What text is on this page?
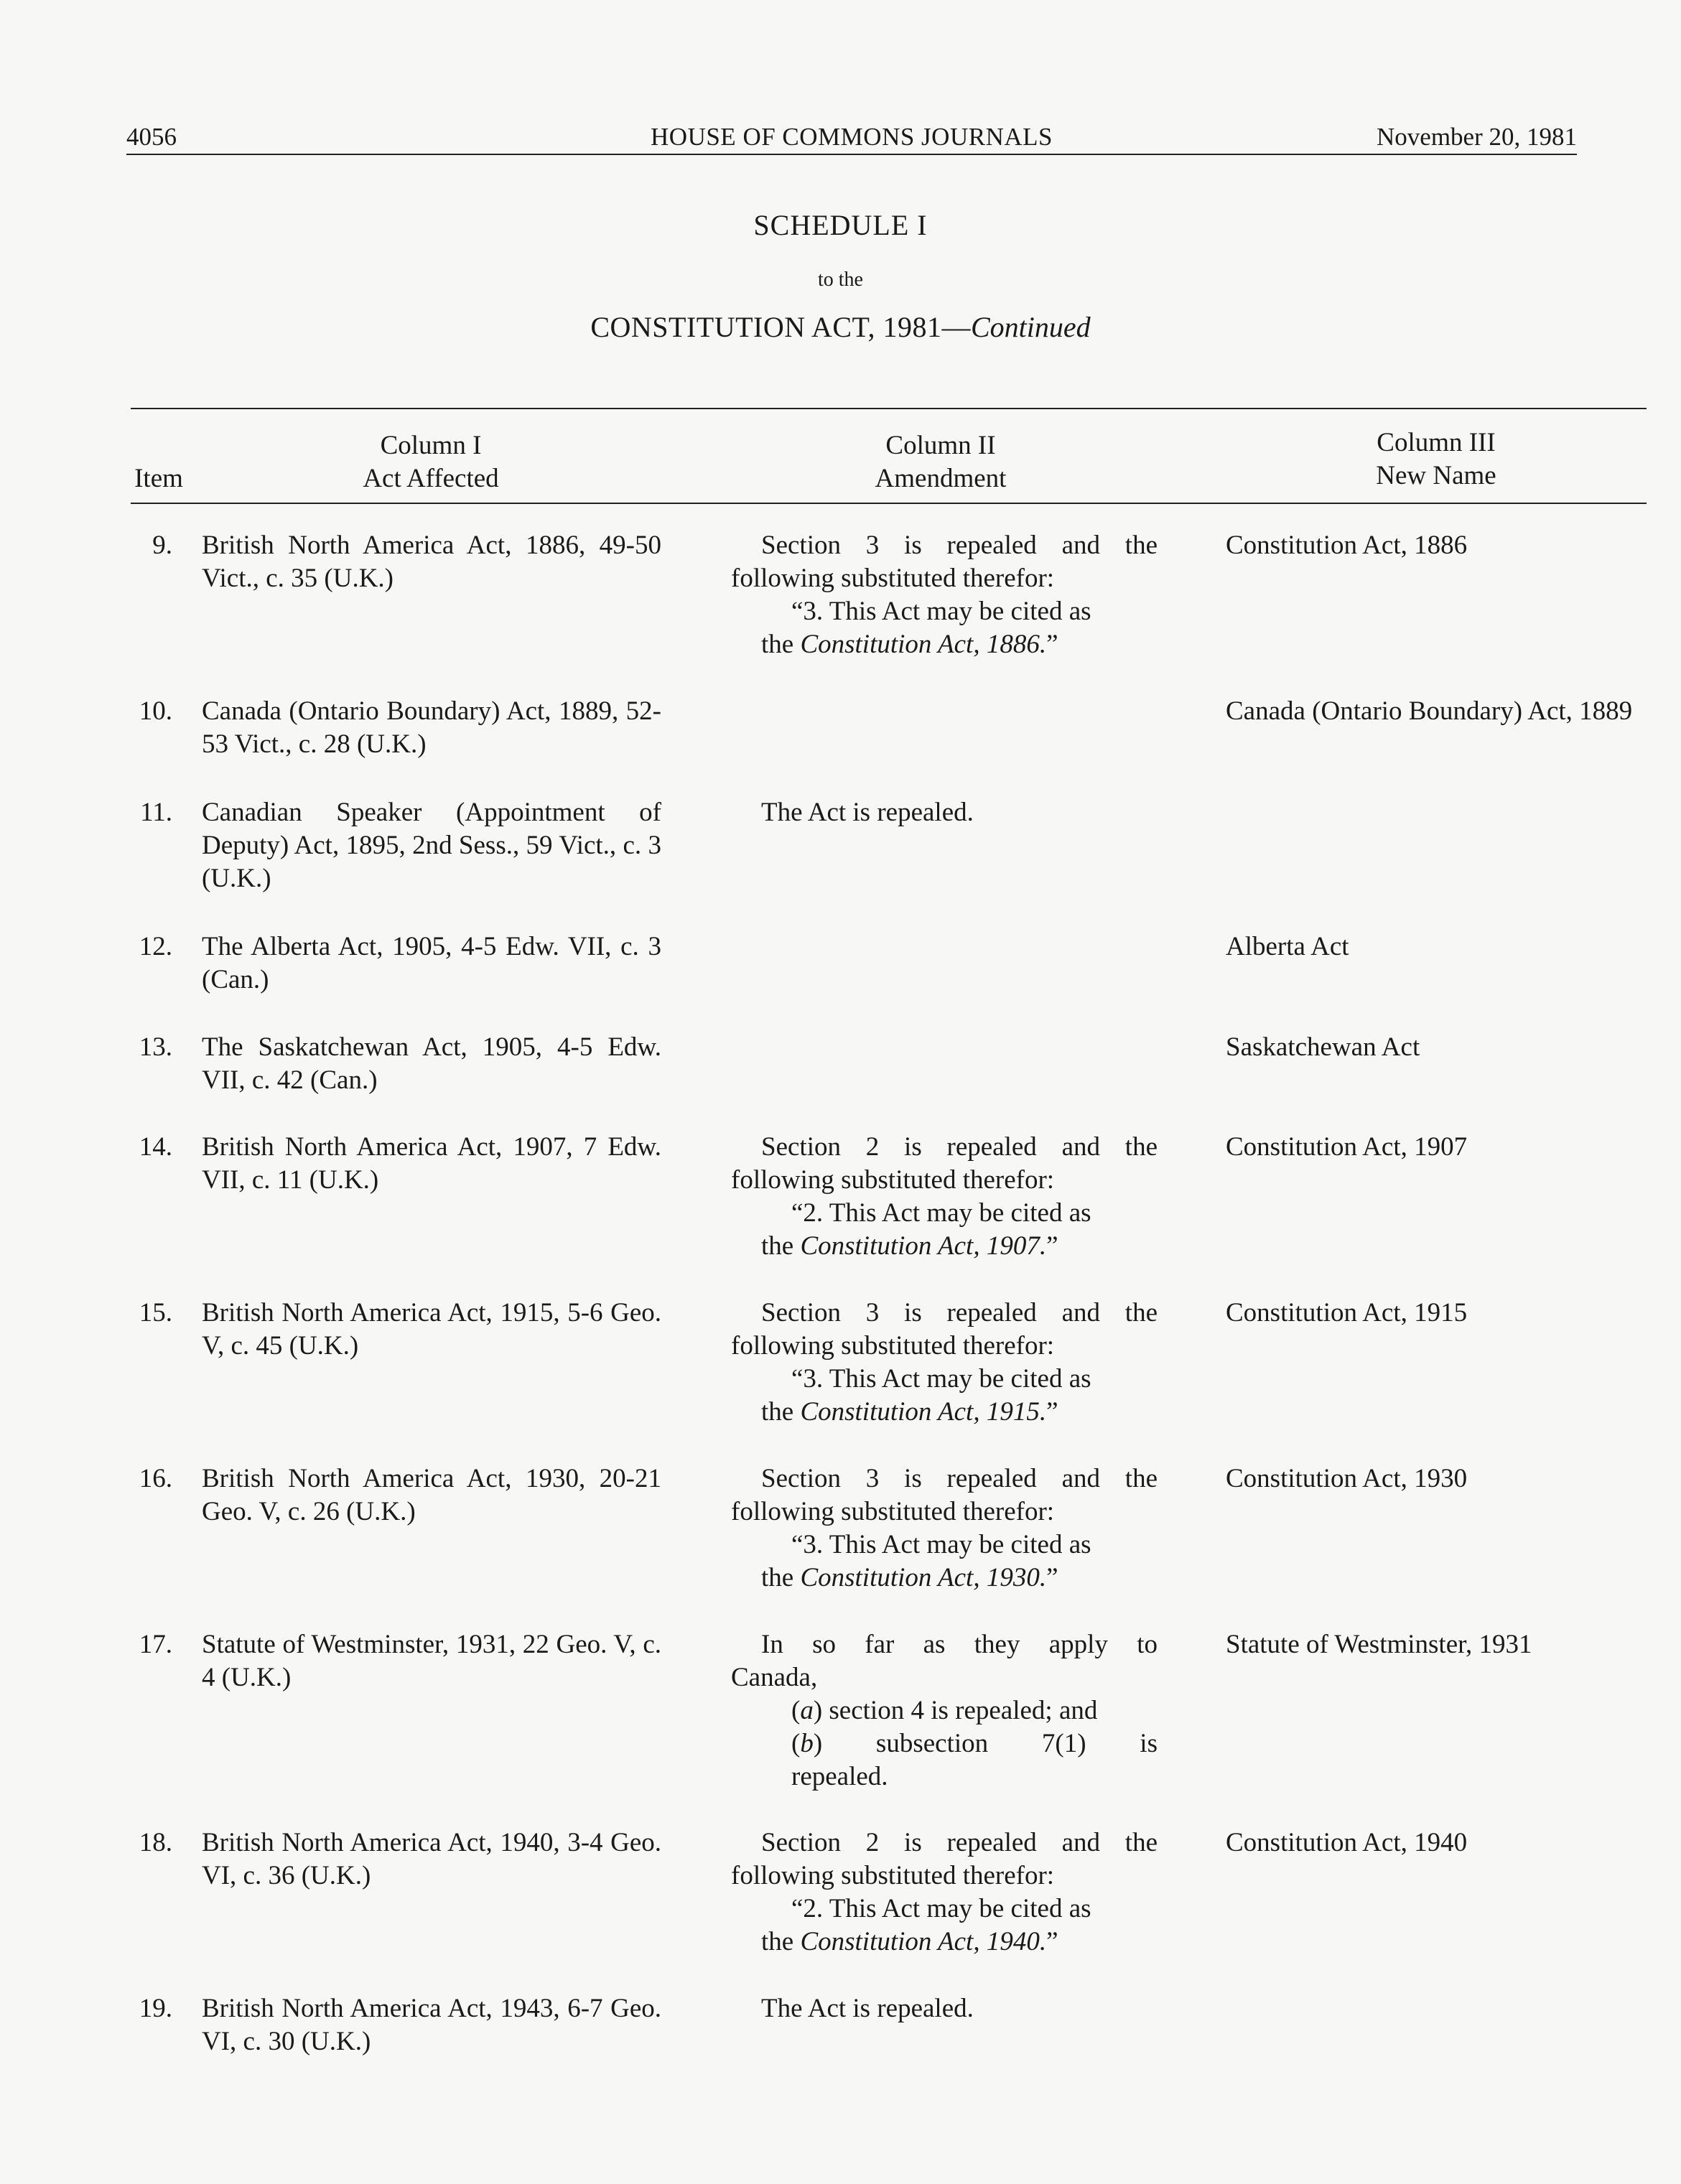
4056	HOUSE OF COMMONS JOURNALS	November 20, 1981
SCHEDULE I
to the
CONSTITUTION ACT, 1981—Continued
Item
Column I
Act Affected
Column II
Amendment
Column III
New Name
9. British North America Act, 1886, 49-50 Vict., c. 35 (U.K.)
Section 3 is repealed and the
following substituted therefor:
“3. This Act may be cited as
the Constitution Act, 1886.”
Constitution Act, 1886
10. Canada (Ontario Boundary) Act, 1889, 52-53 Vict., c. 28 (U.K.)
Canada (Ontario Boundary) Act, 1889
11. Canadian Speaker (Appointment of Deputy) Act, 1895, 2nd Sess., 59 Vict., c. 3 (U.K.)
The Act is repealed.
12. The Alberta Act, 1905, 4-5 Edw. VII, c. 3 (Can.)
Alberta Act
13. The Saskatchewan Act, 1905, 4-5 Edw. VII, c. 42 (Can.)
Saskatchewan Act
14. British North America Act, 1907, 7 Edw. VII, c. 11 (U.K.)
Section 2 is repealed and the
following substituted therefor:
“2. This Act may be cited as
the Constitution Act, 1907.”
Constitution Act, 1907
15. British North America Act, 1915, 5-6 Geo. V, c. 45 (U.K.)
Section 3 is repealed and the
following substituted therefor:
“3. This Act may be cited as
the Constitution Act, 1915.”
Constitution Act, 1915
16. British North America Act, 1930, 20-21 Geo. V, c. 26 (U.K.)
Section 3 is repealed and the
following substituted therefor:
“3. This Act may be cited as
the Constitution Act, 1930.”
Constitution Act, 1930
17. Statute of Westminster, 1931, 22 Geo. V, c. 4 (U.K.)
In so far as they apply to
Canada,
(a) section 4 is repealed; and
(b) subsection 7(1) is
repealed.
Statute of Westminster, 1931
18. British North America Act, 1940, 3-4 Geo. VI, c. 36 (U.K.)
Section 2 is repealed and the
following substituted therefor:
“2. This Act may be cited as
the Constitution Act, 1940.”
Constitution Act, 1940
19. British North America Act, 1943, 6-7 Geo. VI, c. 30 (U.K.)
The Act is repealed.
